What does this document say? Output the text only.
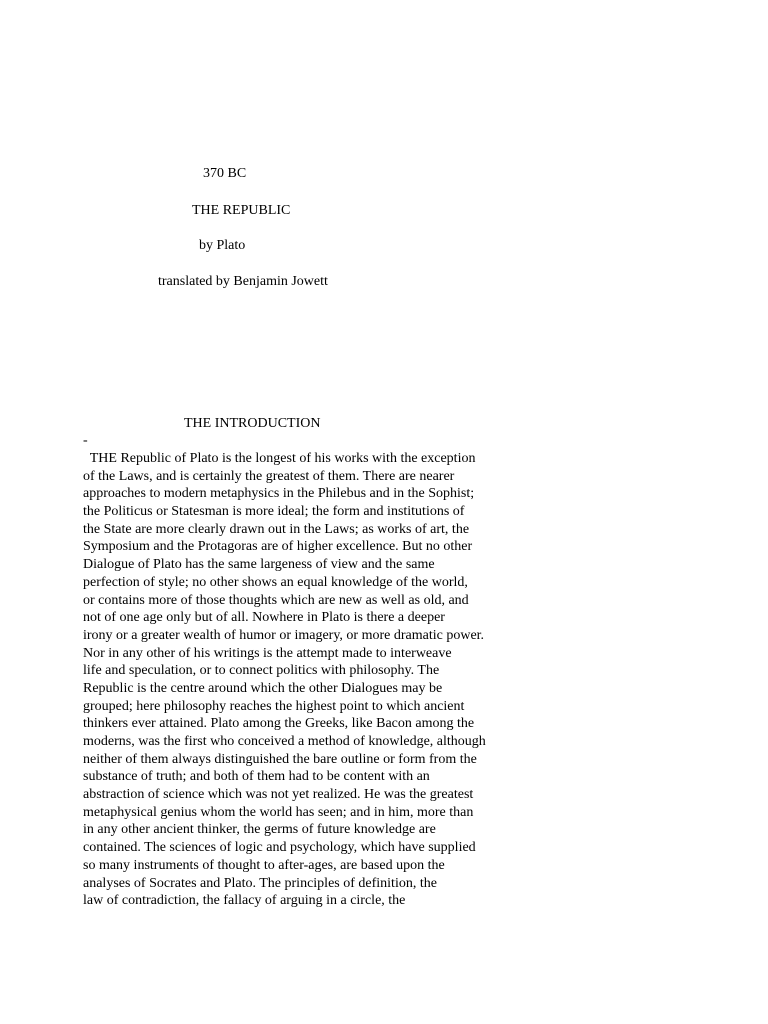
370 BC

THE REPUBLIC

by Plato

translated by Benjamin Jowett

THE INTRODUCTION

-

THE Republic of Plato is the longest of his works with the exception
of the Laws, and is certainly the greatest of them. There are nearer
approaches to modern metaphysics in the Philebus and in the Sophist;
the Politicus or Statesman is more ideal; the form and institutions of
the State are more clearly drawn out in the Laws; as works of art, the
Symposium and the Protagoras are of higher excellence. But no other
Dialogue of Plato has the same largeness of view and the same
perfection of style; no other shows an equal knowledge of the world,
or contains more of those thoughts which are new as well as old, and
not of one age only but of all. Nowhere in Plato is there a deeper
irony or a greater wealth of humor or imagery, or more dramatic power.
Nor in any other of his writings is the attempt made to interweave
life and speculation, or to connect politics with philosophy. The
Republic is the centre around which the other Dialogues may be
grouped; here philosophy reaches the highest point to which ancient
thinkers ever attained. Plato among the Greeks, like Bacon among the
moderns, was the first who conceived a method of knowledge, although
neither of them always distinguished the bare outline or form from the
substance of truth; and both of them had to be content with an
abstraction of science which was not yet realized. He was the greatest
metaphysical genius whom the world has seen; and in him, more than
in any other ancient thinker, the germs of future knowledge are
contained. The sciences of logic and psychology, which have supplied
so many instruments of thought to after-ages, are based upon the
analyses of Socrates and Plato. The principles of definition, the
law of contradiction, the fallacy of arguing in a circle, the
